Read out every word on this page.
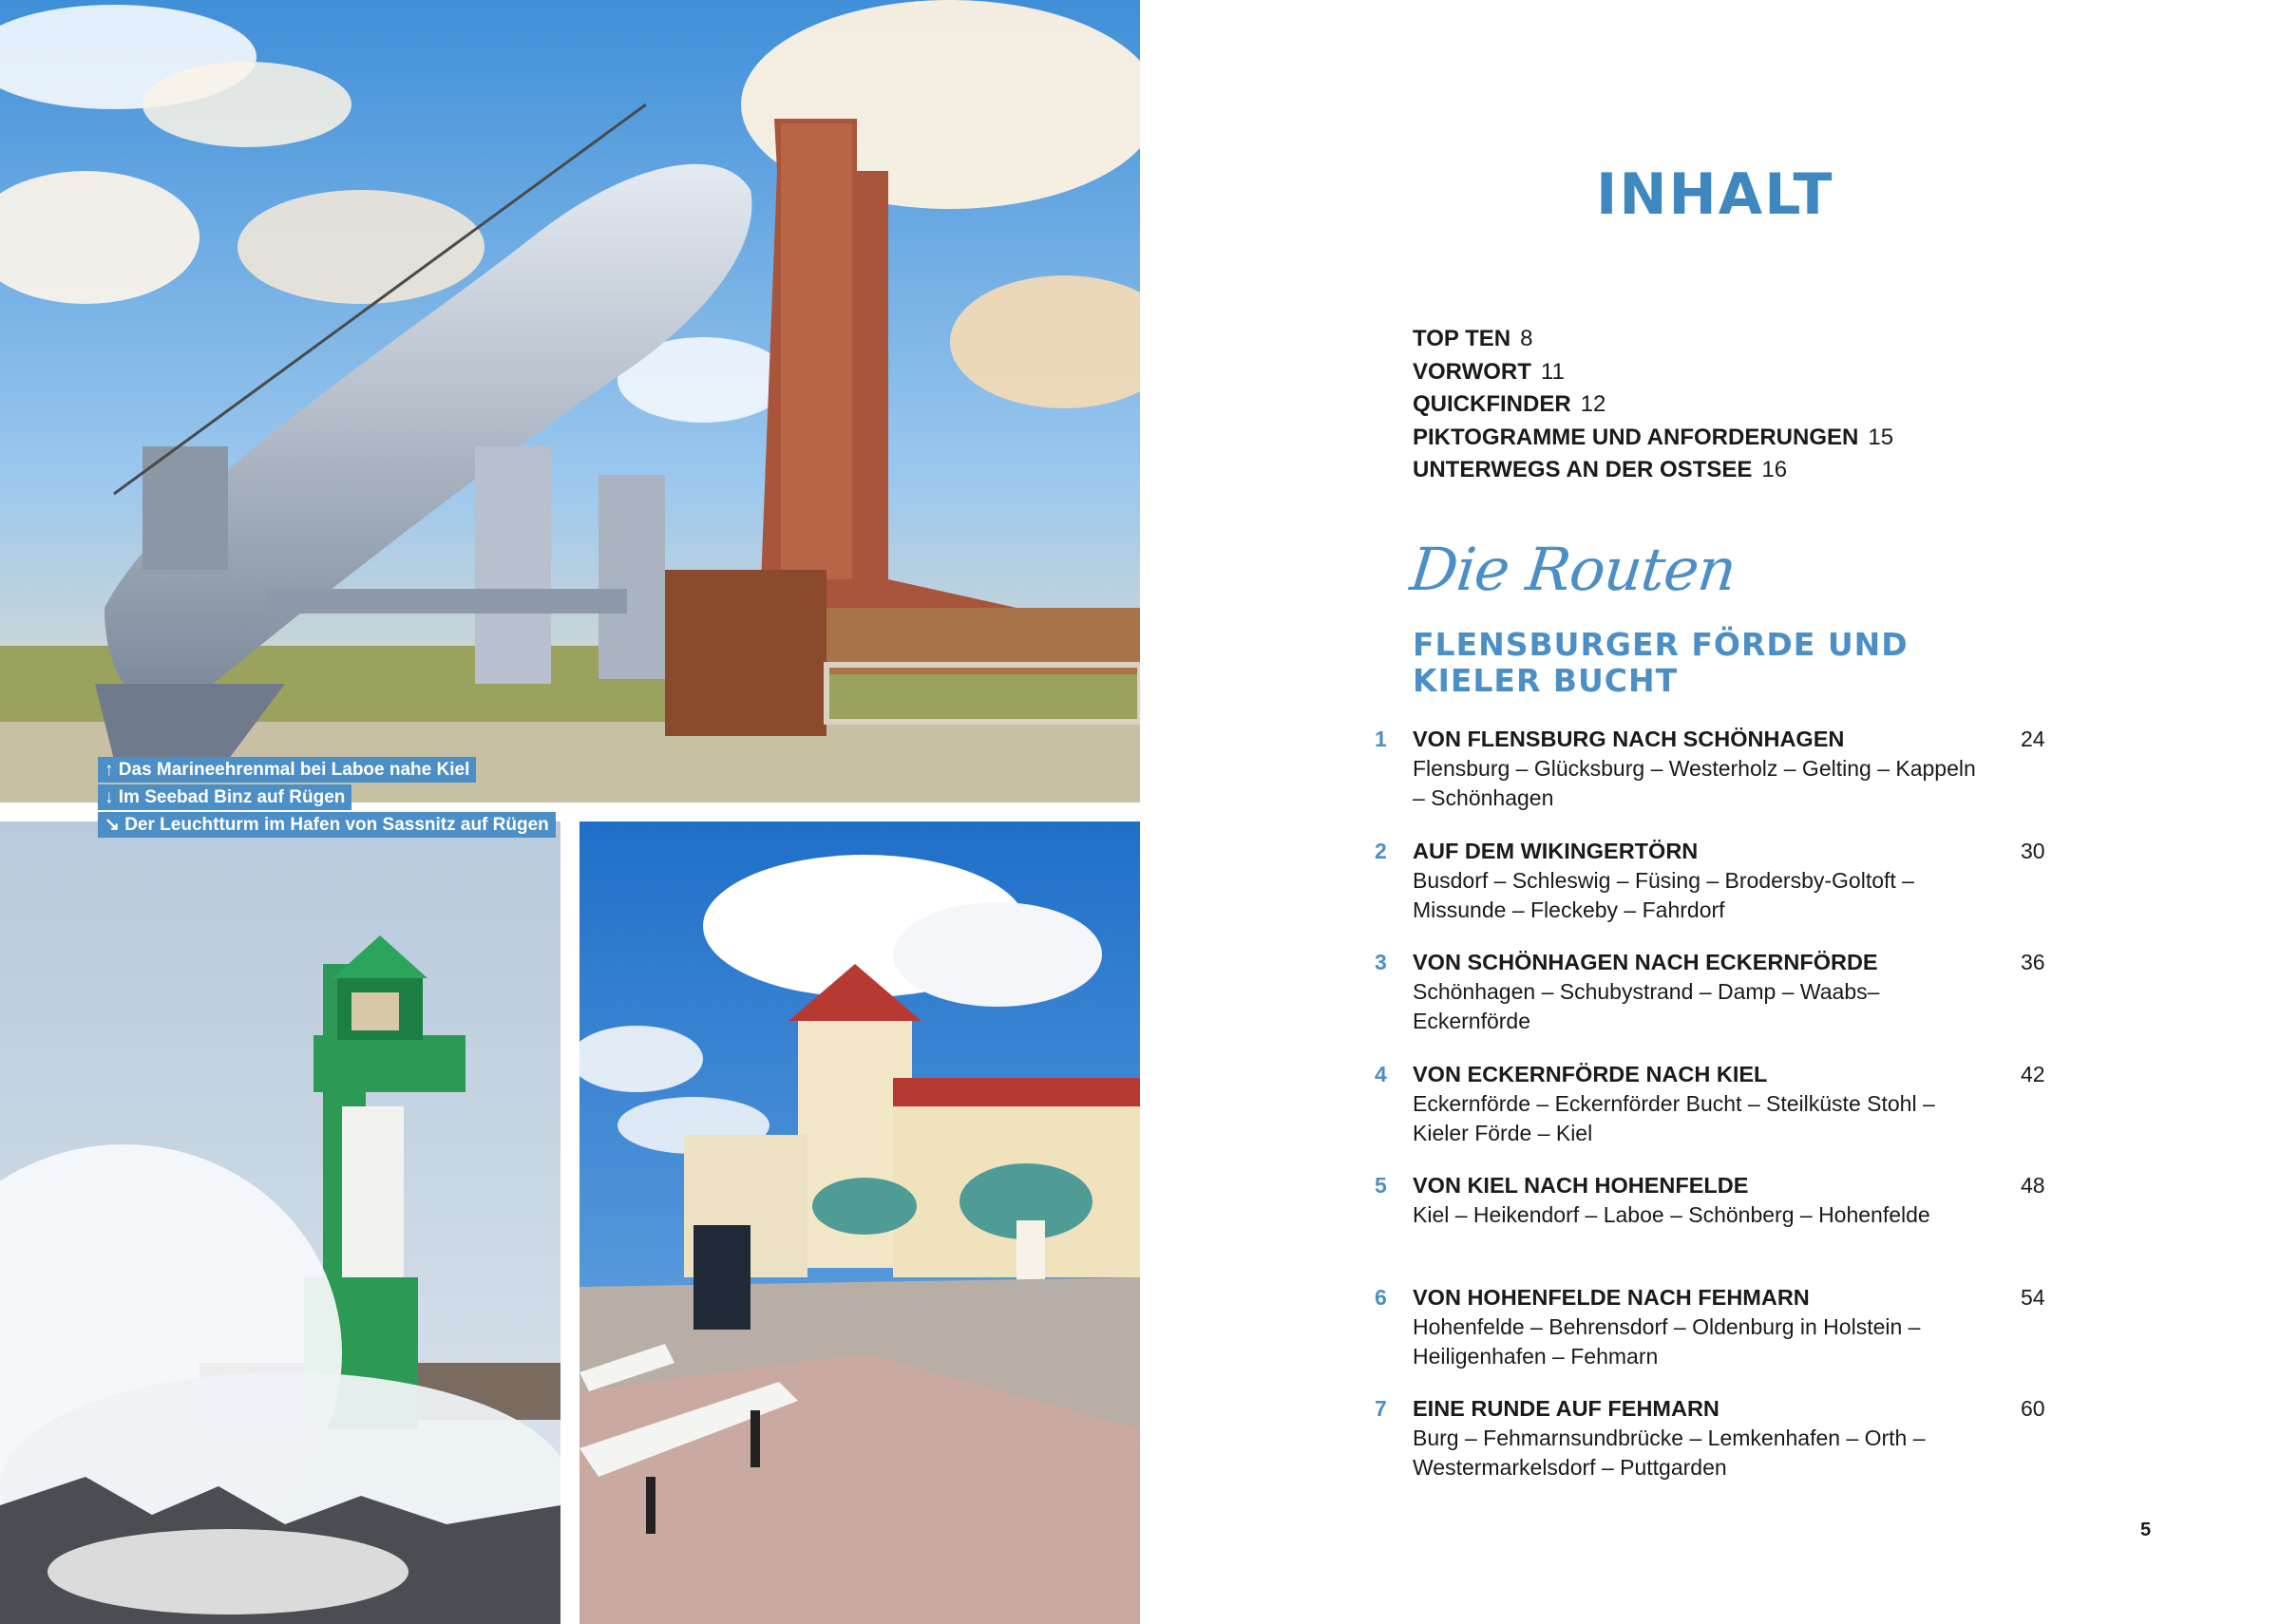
↑ Das Marineehrenmal bei Laboe nahe Kiel
↓ Im Seebad Binz auf Rügen
↘ Der Leuchtturm im Hafen von Sassnitz auf Rügen
INHALT
TOP TEN 8
VORWORT 11
QUICKFINDER 12
PIKTOGRAMME UND ANFORDERUNGEN 15
UNTERWEGS AN DER OSTSEE 16
Die Routen
FLENSBURGER FÖRDE UND KIELER BUCHT
1	VON FLENSBURG NACH SCHÖNHAGEN	24
Flensburg – Glücksburg – Westerholz – Gelting – Kappeln – Schönhagen
2	AUF DEM WIKINGERTÖRN	30
Busdorf – Schleswig – Füsing – Brodersby-Goltoft – Missunde – Fleckeby – Fahrdorf
3	VON SCHÖNHAGEN NACH ECKERNFÖRDE	36
Schönhagen – Schubystrand – Damp – Waabs– Eckernförde
4	VON ECKERNFÖRDE NACH KIEL	42
Eckernförde – Eckernförder Bucht – Steilküste Stohl – Kieler Förde – Kiel
5	VON KIEL NACH HOHENFELDE	48
Kiel – Heikendorf – Laboe – Schönberg – Hohenfelde
6	VON HOHENFELDE NACH FEHMARN	54
Hohenfelde – Behrensdorf – Oldenburg in Holstein – Heiligenhafen – Fehmarn
7	EINE RUNDE AUF FEHMARN	60
Burg – Fehmarnsundbrücke – Lemkenhafen – Orth – Westermarkelsdorf – Puttgarden
5
